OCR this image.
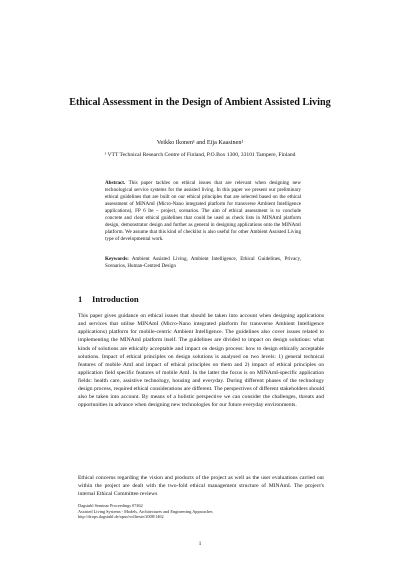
Ethical Assessment in the Design of Ambient Assisted Living
Veikko Ikonen¹ and Eija Kaasinen¹
¹ VTT Technical Research Centre of Finland, P.O.Box 1300, 33101 Tampere, Finland
Abstract. This paper tackles on ethical issues that are relevant when designing new technological service systems for the assisted living. In this paper we present our preliminary ethical guidelines that are built on our ethical principles that are selected based on the ethical assessment of MINAmI (Micro-Nano integrated platform for transverse Ambient Intelligence applications), FP 6 Ite – project, scenarios. The aim of ethical assessment is to conclude concrete and clear ethical guidelines that could be used as check lists in MINAmI platform design, demonstrator design and further as general in designing applications onto the MINAmI platform. We assume that this kind of checklist is also useful for other Ambient Assisted Living type of developmental work.
Keywords: Ambient Assisted Living, Ambient Intelligence, Ethical Guidelines, Privacy, Scenarios, Human-Centred Design
1 Introduction
This paper gives guidance on ethical issues that should be taken into account when designing applications and services that utilise MINAmI (Micro-Nano integrated platform for transverse Ambient Intelligence applications) platform for mobile-centric Ambient Intelligence. The guidelines also cover issues related to implementing the MINAmI platform itself. The guidelines are divided to impact on design solutions: what kinds of solutions are ethically acceptable and impact on design process: how to design ethically acceptable solutions. Impact of ethical principles on design solutions is analysed on two levels: 1) general technical features of mobile AmI and impact of ethical principles on them and 2) impact of ethical principles on application field specific features of mobile AmI. In the latter the focus is on MINAmI-specific application fields: health care, assistive technology, housing and everyday. During different phases of the technology design process, required ethical considerations are different. The perspectives of different stakeholders should also be taken into account. By means of a holistic perspective we can consider the challenges, threats and opportunities in advance when designing new technologies for our future everyday environments.
Ethical concerns regarding the vision and products of the project as well as the user evaluations carried out within the project are dealt with the two-fold ethical management structure of MINAmI. The project's internal Ethical Committee reviews
Dagstuhl Seminar Proceedings 07462
Assisted Living Systems - Models, Architectures and Engineering Approaches
http://drops.dagstuhl.de/opus/volltexte/2008/1462
1
